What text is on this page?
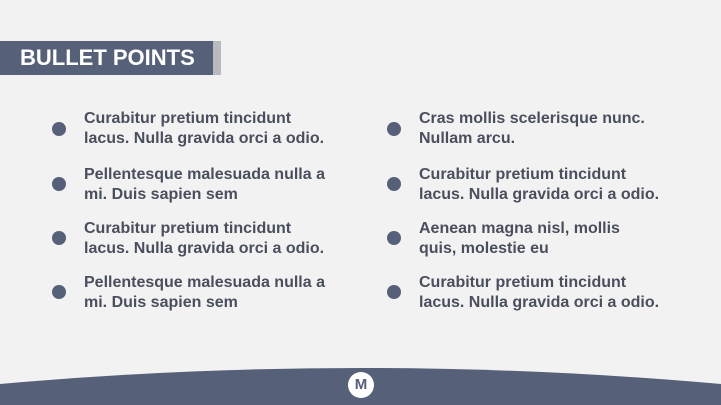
BULLET POINTS
Curabitur pretium tincidunt
lacus. Nulla gravida orci a odio.
Pellentesque malesuada nulla a
mi. Duis sapien sem
Curabitur pretium tincidunt
lacus. Nulla gravida orci a odio.
Pellentesque malesuada nulla a
mi. Duis sapien sem
Cras mollis scelerisque nunc.
Nullam arcu.
Curabitur pretium tincidunt
lacus. Nulla gravida orci a odio.
Aenean magna nisl, mollis
quis, molestie eu
Curabitur pretium tincidunt
lacus. Nulla gravida orci a odio.
M
